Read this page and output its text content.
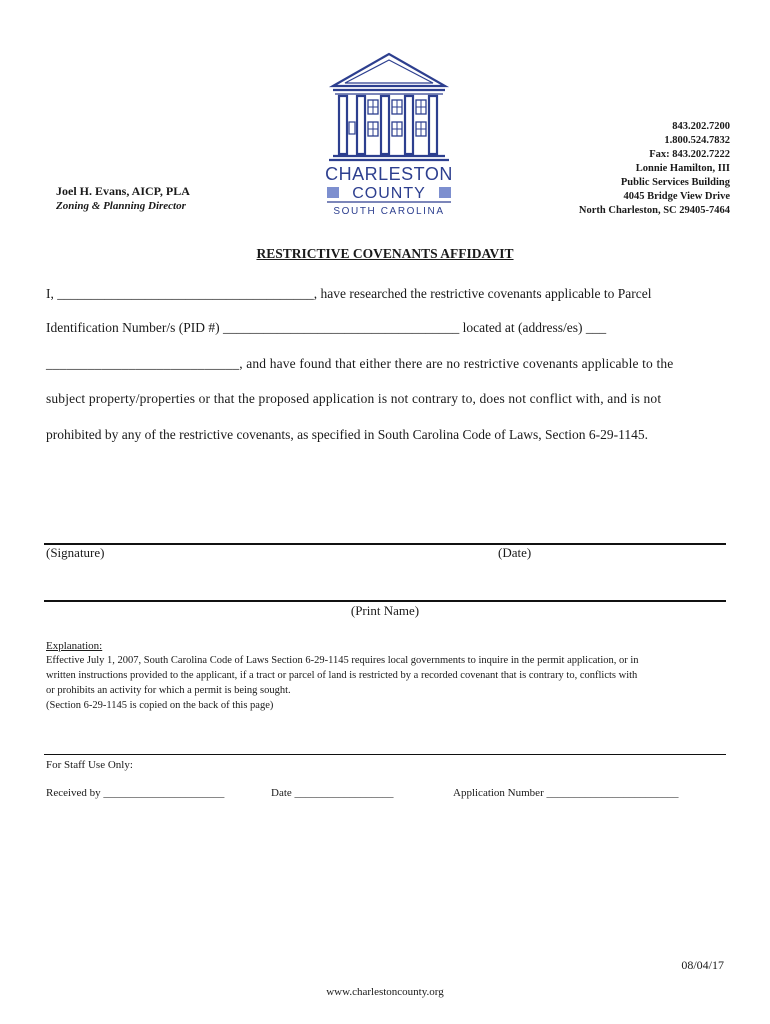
Joel H. Evans, AICP, PLA
Zoning & Planning Director
CHARLESTON
COUNTY
SOUTH CAROLINA
843.202.7200
1.800.524.7832
Fax: 843.202.7222
Lonnie Hamilton, III
Public Services Building
4045 Bridge View Drive
North Charleston, SC 29405-7464
RESTRICTIVE COVENANTS AFFIDAVIT
I, ______________________________________, have researched the restrictive covenants applicable to Parcel
Identification Number/s (PID #) ___________________________________ located at (address/es) ___
____________________________, and have found that either there are no restrictive covenants applicable to the
subject property/properties or that the proposed application is not contrary to, does not conflict with, and is not
prohibited by any of the restrictive covenants, as specified in South Carolina Code of Laws, Section 6-29-1145.
(Signature)	(Date)
(Print Name)
Explanation:
Effective July 1, 2007, South Carolina Code of Laws Section 6-29-1145 requires local governments to inquire in the permit application, or in
written instructions provided to the applicant, if a tract or parcel of land is restricted by a recorded covenant that is contrary to, conflicts with
or prohibits an activity for which a permit is being sought.
(Section 6-29-1145 is copied on the back of this page)
For Staff Use Only:
Received by ______________________	Date __________________	Application Number ________________________
08/04/17
www.charlestoncounty.org
